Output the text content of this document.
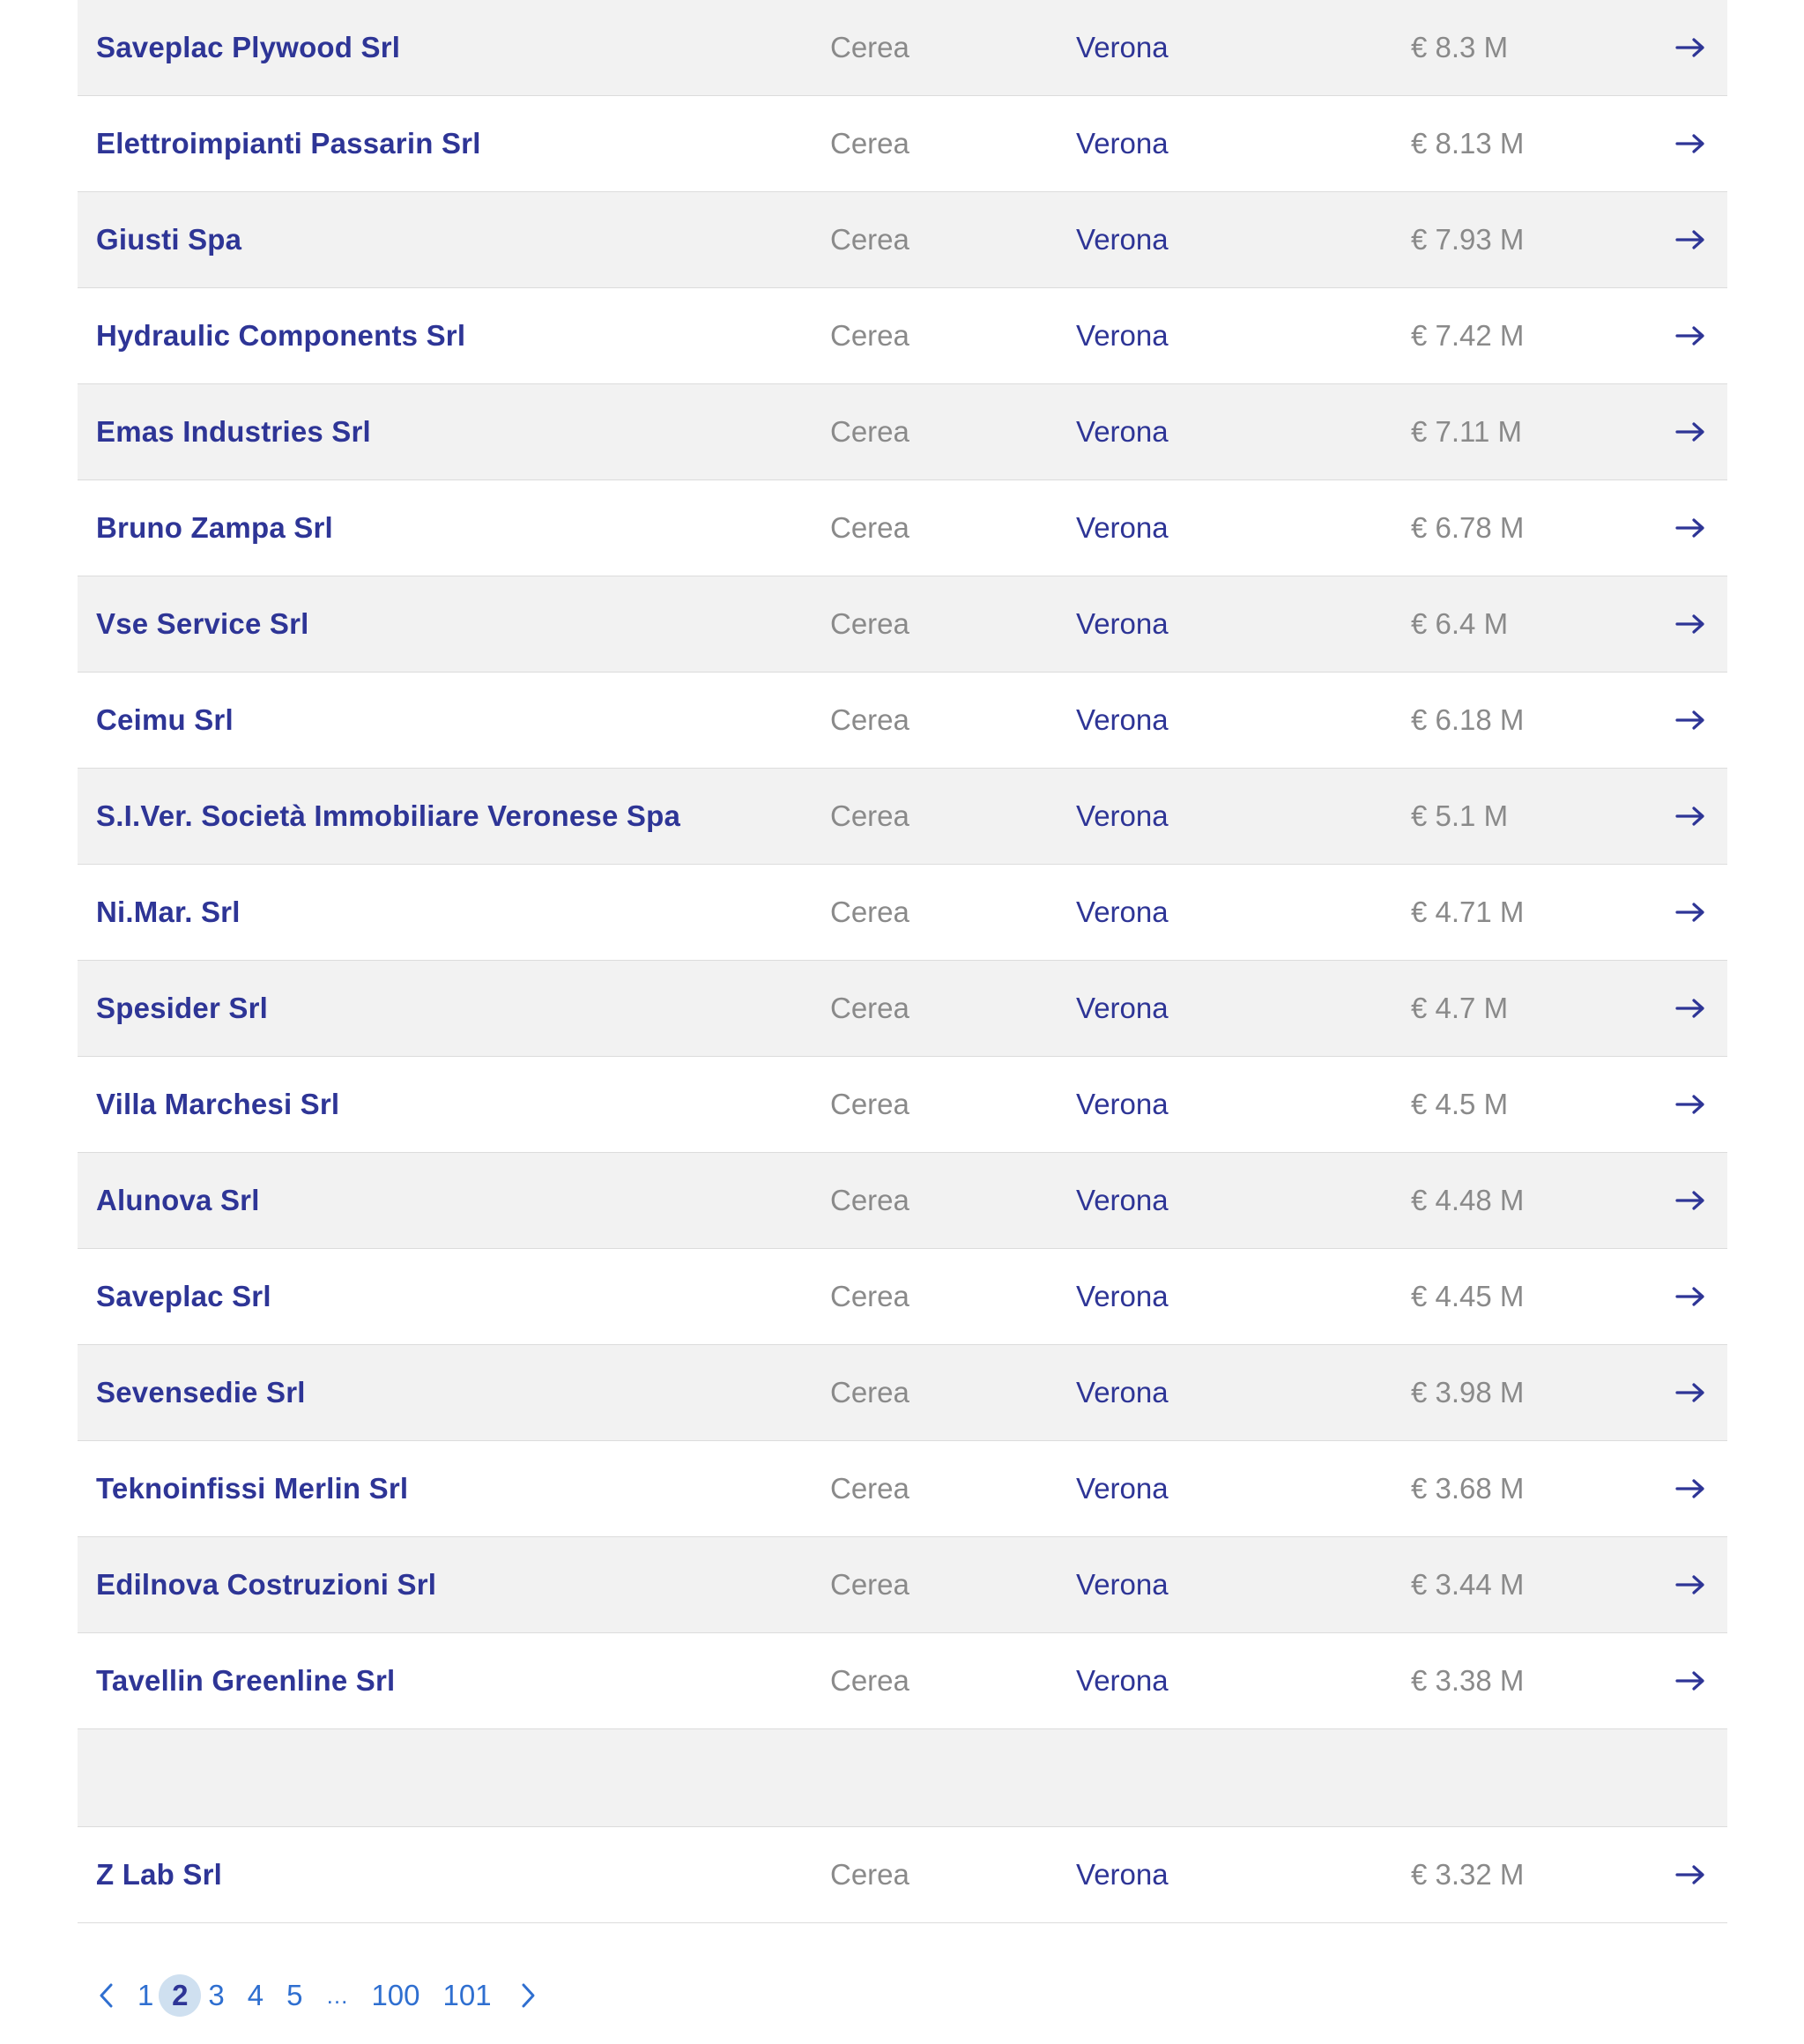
Saveplac Plywood Srl	Cerea	Verona	€ 8.3 M
Elettroimpianti Passarin Srl	Cerea	Verona	€ 8.13 M
Giusti Spa	Cerea	Verona	€ 7.93 M
Hydraulic Components Srl	Cerea	Verona	€ 7.42 M
Emas Industries Srl	Cerea	Verona	€ 7.11 M
Bruno Zampa Srl	Cerea	Verona	€ 6.78 M
Vse Service Srl	Cerea	Verona	€ 6.4 M
Ceimu Srl	Cerea	Verona	€ 6.18 M
S.I.Ver. Società Immobiliare Veronese Spa	Cerea	Verona	€ 5.1 M
Ni.Mar. Srl	Cerea	Verona	€ 4.71 M
Spesider Srl	Cerea	Verona	€ 4.7 M
Villa Marchesi Srl	Cerea	Verona	€ 4.5 M
Alunova Srl	Cerea	Verona	€ 4.48 M
Saveplac Srl	Cerea	Verona	€ 4.45 M
Sevensedie Srl	Cerea	Verona	€ 3.98 M
Teknoinfissi Merlin Srl	Cerea	Verona	€ 3.68 M
Edilnova Costruzioni Srl	Cerea	Verona	€ 3.44 M
Tavellin Greenline Srl	Cerea	Verona	€ 3.38 M
Z Lab Srl	Cerea	Verona	€ 3.32 M
1 2 3 4 5 … 100 101
